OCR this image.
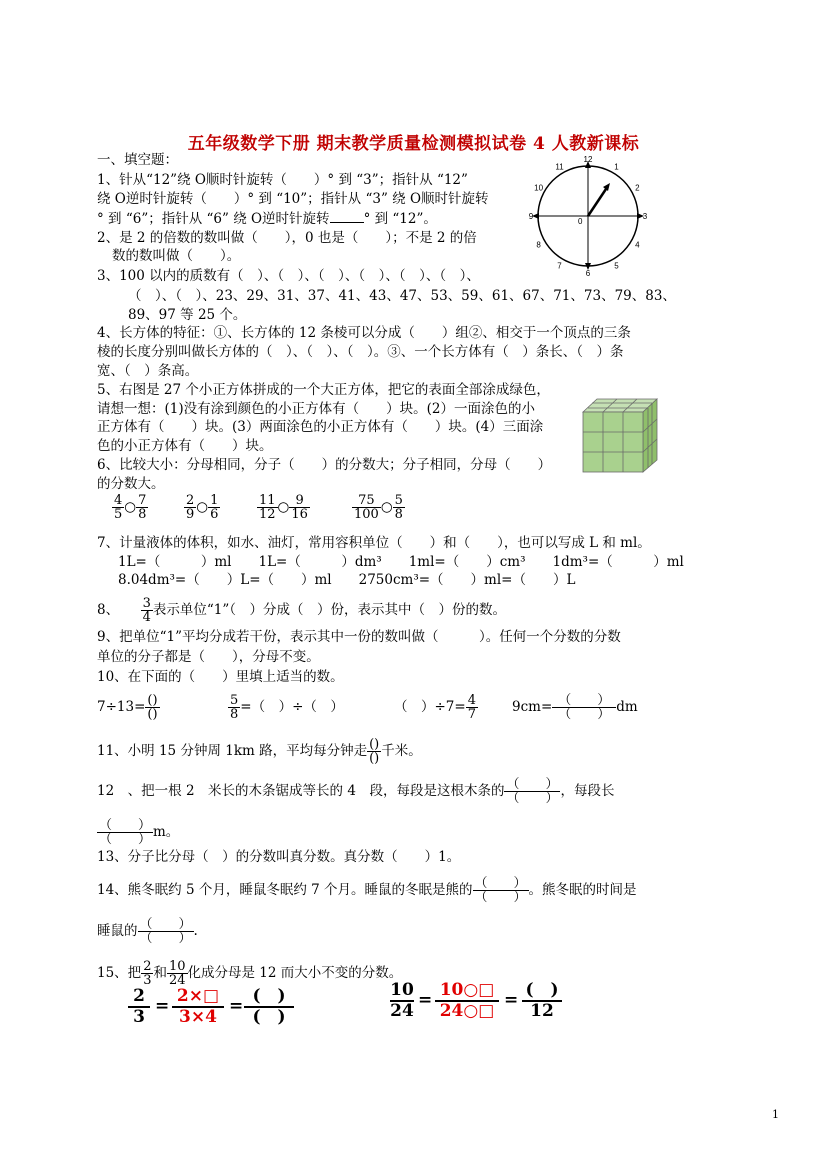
五年级数学下册 期末教学质量检测模拟试卷 4 人教新课标
一、填空题：
1、针从“12”绕 O顺时针旋转（　　）° 到 “3”；指针从 “12”
绕 O逆时针旋转（　　）° 到 “10”；指针从 “3” 绕 O顺时针旋转
° 到 “6”；指针从 “6” 绕 O逆时针旋转	° 到 “12”。
12
1
2
3
4
5
6
7
8
9
10
11
0
2、是 2 的倍数的数叫做（　　），0 也是（　　）；不是 2 的倍
数的数叫做（　　）。
3、100 以内的质数有（　）、（　）、（　）、（　）、（　）、（　）、
（　）、（　）、23、29、31、37、41、43、47、53、59、61、67、71、73、79、83、
89、97 等 25 个。
4、长方体的特征：①、长方体的 12 条棱可以分成（　　）组②、相交于一个顶点的三条
棱的长度分别叫做长方体的（　）、（　）、（　）。③、一个长方体有（　）条长、（　）条
宽、（　）条高。
5、右图是 27 个小正方体拼成的一个大正方体，把它的表面全部涂成绿色，
请想一想：(1)没有涂到颜色的小正方体有（　　）块。(2）一面涂色的小
正方体有（　　）块。(3）两面涂色的小正方体有（　　）块。(4）三面涂
色的小正方体有（　　）块。
6、比较大小：分母相同，分子（　　）的分数大；分子相同，分母（　　）
的分数大。
$\frac{4}{5}$ ○ $\frac{7}{8}$	$\frac{2}{9}$ ○ $\frac{1}{6}$	$\frac{11}{12}$ ○ $\frac{9}{16}$	$\frac{75}{100}$ ○ $\frac{5}{8}$
7、计量液体的体积，如水、油灯，常用容积单位（　　）和（　　），也可以写成 L 和 ml。
1L=（　　　）ml　　1L=（　　　）dm³　　1ml=（　　）cm³　　1dm³=（　　　）ml
8.04dm³=（　　）L=（　　）ml　　2750cm³=（　　）ml=（　　）L
8、 $\frac{3}{4}$ 表示单位“1”（　）分成（　）份，表示其中（　）份的数。
9、把单位“1”平均分成若干份，表示其中一份的数叫做（　　　）。任何一个分数的分数
单位的分子都是（　　），分母不变。
10、在下面的（　　）里填上适当的数。
$7\div 13= \frac{()}{()}$	$\frac{5}{8}$ =（　）÷（　）	（　）$\div 7= \frac{4}{7}$	$9cm= \frac{( )}{( )}$ dm
11、小明 15 分钟周 1km 路，平均每分钟走 $\frac{()}{()}$ 千米。
12　、把一根 2　米长的木条锯成等长的 4　段，每段是这根木条的 $\frac{( )}{( )}$ ，每段长
$\frac{( )}{( )}$ m。
13、分子比分母（　）的分数叫真分数。真分数（　　）1。
14、熊冬眠约 5 个月，睡鼠冬眠约 7 个月。睡鼠的冬眠是熊的 $\frac{( )}{( )}$ 。熊冬眠的时间是
睡鼠的 $\frac{( )}{( )}$ .
15、把 $\frac{2}{3}$ 和 $\frac{10}{24}$ 化成分母是 12 而大小不变的分数。
2
3
= 2×□
3×4
= (　)
(　)
10
24
= 10○□
24○□
= (　)
12
1
